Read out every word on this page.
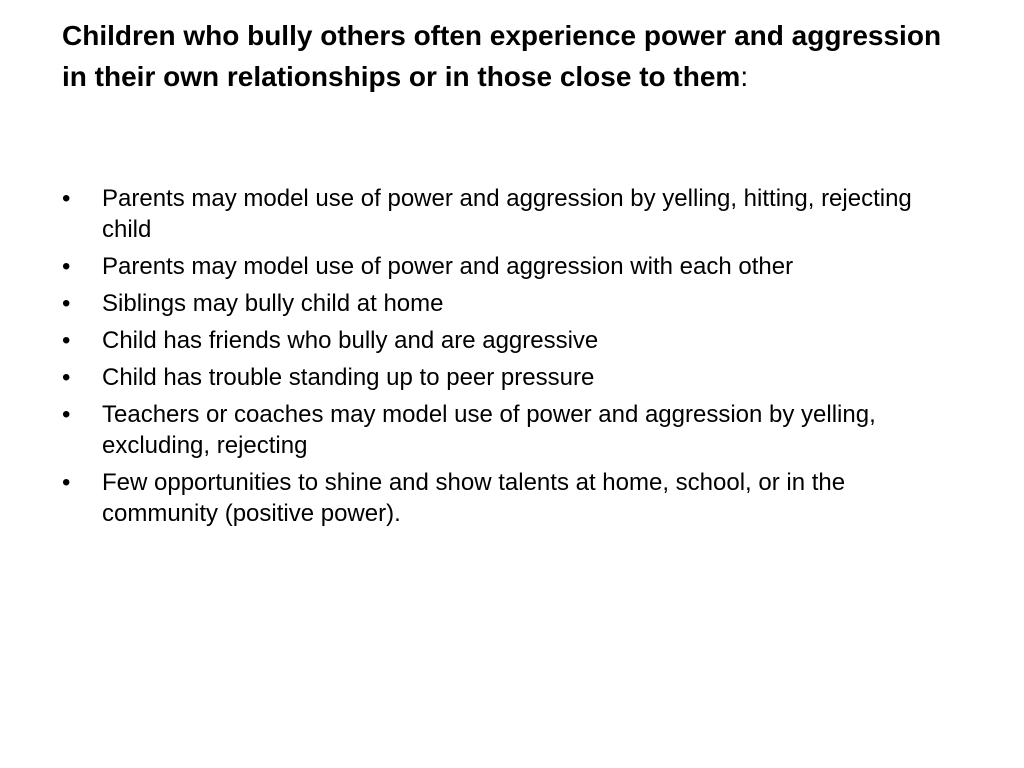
Children who bully others often experience power and aggression in their own relationships or in those close to them:
•	Parents may model use of power and aggression by yelling, hitting, rejecting child
•	Parents may model use of power and aggression with each other
•	Siblings may bully child at home
•	Child has friends who bully and are aggressive
•	Child has trouble standing up to peer pressure
•	Teachers or coaches may model use of power and aggression by yelling, excluding, rejecting
•	Few opportunities to shine and show talents at home, school, or in the community (positive power).
